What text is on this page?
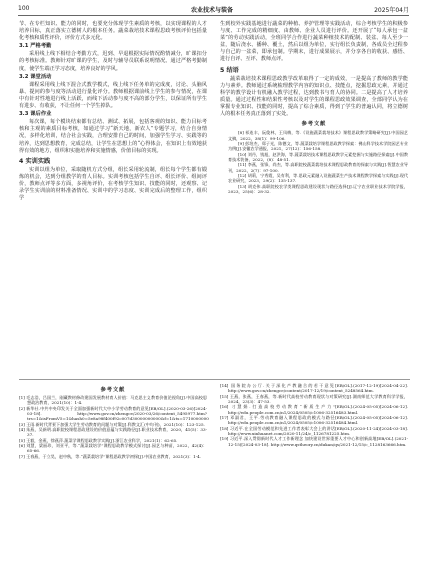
100	农业技术与装备	2025年04月

节、在专栏知识、能力的同时，也要充分体现学生素质的考核，以实现课程的人才培养目标，真正落实立德树人的根本任务。蔬菜栽培技术课程思政考核评价包括量化考核和质性评价，评价方式多元化。

3.1 严格考勤

采用线上线下相结合考勤方式，迟到、早退根据实际情况酌情减分，旷课扣分的考核标准。教师针对旷课的学生，及时与辅导员联系说明情况。通过严格考勤制度，使学生端正学习态度，培养良好的学风。

3.2 课堂活动

课程采用线上线下混合式教学模式，线上线下任务单的完成度，讨论、头脑风暴、提问的参与度等活动进行量化评分。教师根据课前线上学生的参与情况，在课中有针对性地进行线上活跃，而线下活动参与度不高的部分学生，以保证所有学生有进步、有收获，不让任何一个学生掉队。

3.3 课后作业

每次课，每个模块结束都有总结、测试、拓展，包括客观的知识、能力目标考核和主观的素质目标考核，如通过学习“新天地，新农人”专题学习，结合自身情况，多样化培训，结合社会实践，合理安排自己的时间，加强学生学习、实践等的培养，达到思想教育，完成总结，让学生在思想上的“心得体会，在知识上有效地获得有效的地方，组织和实施培养和实施情感，价值目标的实现。

4 实训实践

实训以组为单位，采取随机方式分组，组长采用轮流制，组长每个学生都有锻炼的机会，达到分组教学的育人目标。实训考核包括学生自评、组长评价、组间评价，教师点评等多方面，多视角评价，在考核学生知识、技能的同时，还观察、记录学生实训前的材料准备情况、实训中的学习态度、实训完成后的整理工作，组织学

生到校外实践基地进行蔬菜的种植、养护管理等实践活动，综合考核学生的积极参与度、工作完成的精细度、由教师、企业人员进行评价。还开展了“每人承包一盆菜”的劳动实践活动，全班同学合作进行蔬菜种植技术的配制、装盆、每人至少一盆，随后浇水、播种、覆土，然后以组为单位，实行组长负责制，各成员全过程参与自己的一盆菜，即承包制。学期末，进行成果展示，并分享各自的收获、感悟、进行自评、互评、教师点评。

5 结语

蔬菜栽培技术课程思政教学改革取得了一定的成效，一是提高了教师的教学能力与素养。教师通过系统梳理教学内容的知识点、技能点，挖掘思政元素，并通过科学的教学设计有机融入教学过程，达到教书与育人的协同。二是提高了人才培养质量。通过过程性和结果性考核以及对学生的课程思政效果调查，全部同学认为在掌握专业知识、技能的同时，提高了综合素质，得到了学生的普遍认同，将立德树人的根本任务真正落到了实处。

参考文献

[8] 祁连丰，阮俊林，王凤梅，等.《设施蔬菜栽培技术》课程思政教学策略研究[J].中国园艺文摘，2022，38(1)：99-106.

[9] 彭培杰，郑子光，陈德文，等.蔬菜栽培学课程思政教学探索：佛山科学技术学院园艺专业为例[J].安徽农学通报，2021，27(12)：156-158.

[10] 刘丹，钱旭，赵洪海，等.蔬菜栽培技术课程思政教学元素挖掘与实施路径探索[J].中国教育技术装备，2022，(8)：48-51.

[11] 李燕，张锋，尚杰，等.高职院校蔬菜栽培技术课程思政教育的探索与实践[J].智慧农业导刊，2022，2(7)：97-100.

[12] 胡莉，宁秀霞，吴有利，等.思政元素融入设施蔬菜生产技术课程教学探索与实践[J].现代农业研究，2023，29(2)：135-137.

[13] 胡克伟.高职院校农学类课程思政建设现状与路径选择[J].辽宁农业职业技术学院学报，2023，25(6)：28-32.

参考文献

[1] 毛志浩，吕国兰，刚藏教材修改建国发展教材育人价值：马克思主义教育价值论视角[J].中国高校思想政治教育，2021(10)：1-4.

[2] 新华社.中共中央印发关于全面加强新时代大中小学劳动教育的意见[EB/OL].(2020-03-26)[2024-03-18]. http://www.gov.cn/zhengce/2020-03/26/content_5495977.htm?trs=1&isFromV5=1&hash0=5e8a98f400f92c007d30000000000&f=1&ts=1710000000

[3] 王雨.新时代背景下加强大学生劳动教育的问题与对策[J].科教文汇(中旬刊)，2021(10)：123-125.

[4] 朱燕，吴新明.高职院校课程思政建设的价值意蕴与实践路径[J].职业技术教育，2020，41(5)：33-37.

[5] 王毅，金燕，徐燕萍.蔬菜学课程思政教学实践[J].浙江农业科学，2021(1)：62-65.

[6] 刘慧，梁丽珍，刘亚平，等.“蔬菜栽培学”课程思政教学模式探讨[J].园艺与种苗，2022，42(4)：65-66.

[7] 王春燕，于立昊，赵中秋，等.“蔬菜栽培学”课程思政教学初探[J].中国农业教育，2021(3)：1-4.

[14] 国务院办公厅.关于深化产教融合的若干意见[EB/OL].(2017-12-19)[2024-04-22]. http://www.gov.cn/zhengce/content/2017-12/19/content_5248564.htm.

[15] 王燕，张燕，王春燕，等.新时代高校劳动教育现状与对策研究[J].湖南师范大学教育科学学报，2024，23(3)：47-53.

[16] 刁慧娟.打造高校劳动教育“新质生产力”[EB/OL].(2024-05-05)[2024-06-12]. http://edu.people.com.cn/n1/2024/0505/c1006-32516483.html.

[17] 邓淑君，王平.劳动教育融入课程思政的模式与路径[EB/OL].(2024-05-05)[2024-06-12]. http://edu.people.com.cn/n1/2024/0505/c1006-32516484.html.

[18] 习近平.在全国劳动模范和先进工作者表彰大会上的讲话[EB/OL].(2020-11-24)[2024-03-18]. http://www.xinhuanet.com/2020-11/24/c_1126781225.htm.

[19] 习近平.深入贯彻新时代人才工作新理念 加快建设世界重要人才中心和创新高地[EB/OL].(2021-12-15)[2024-03-18]. http://www.qstheory.cn/dukan/qs/2021-12/15/c_1128163666.htm.
